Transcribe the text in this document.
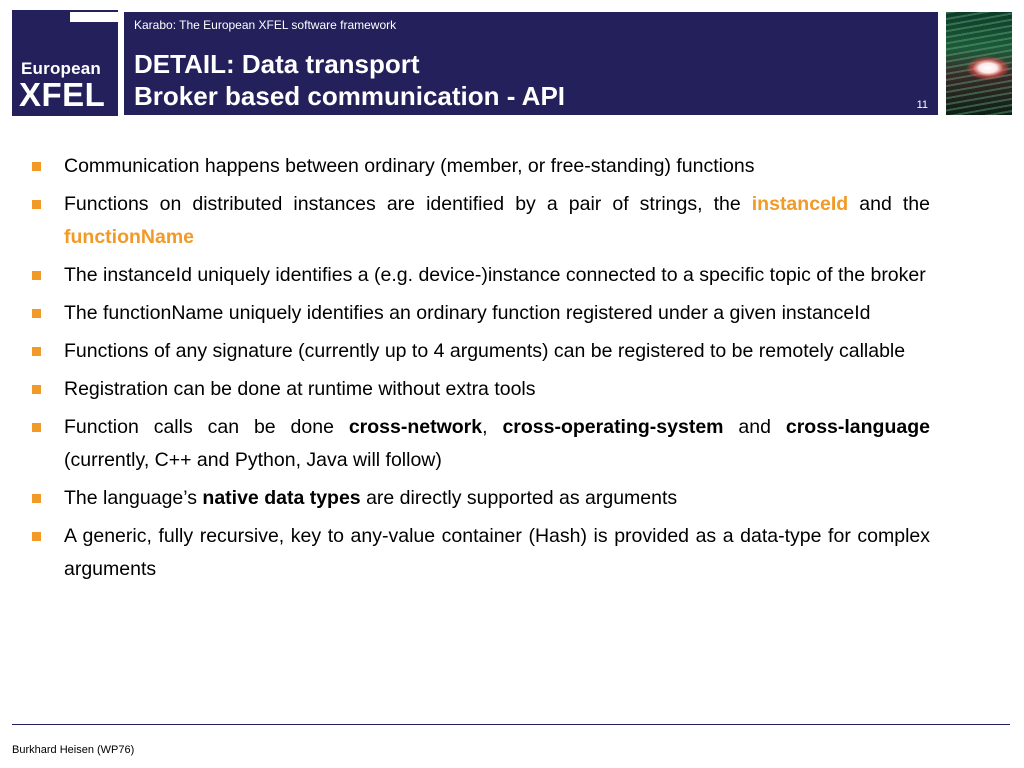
European
XFEL
Karabo: The European XFEL software framework
DETAIL: Data transport
Broker based communication - API	11
Communication happens between ordinary (member, or free-standing) functions
Functions on distributed instances are identified by a pair of strings, the instanceId and the functionName
The instanceId uniquely identifies a (e.g. device-)instance connected to a specific topic of the broker
The functionName uniquely identifies an ordinary function registered under a given instanceId
Functions of any signature (currently up to 4 arguments) can be registered to be remotely callable
Registration can be done at runtime without extra tools
Function calls can be done cross-network, cross-operating-system and cross-language (currently, C++ and Python, Java will follow)
The language’s native data types are directly supported as arguments
A generic, fully recursive, key to any-value container (Hash) is provided as a data-type for complex arguments
Burkhard Heisen (WP76)
